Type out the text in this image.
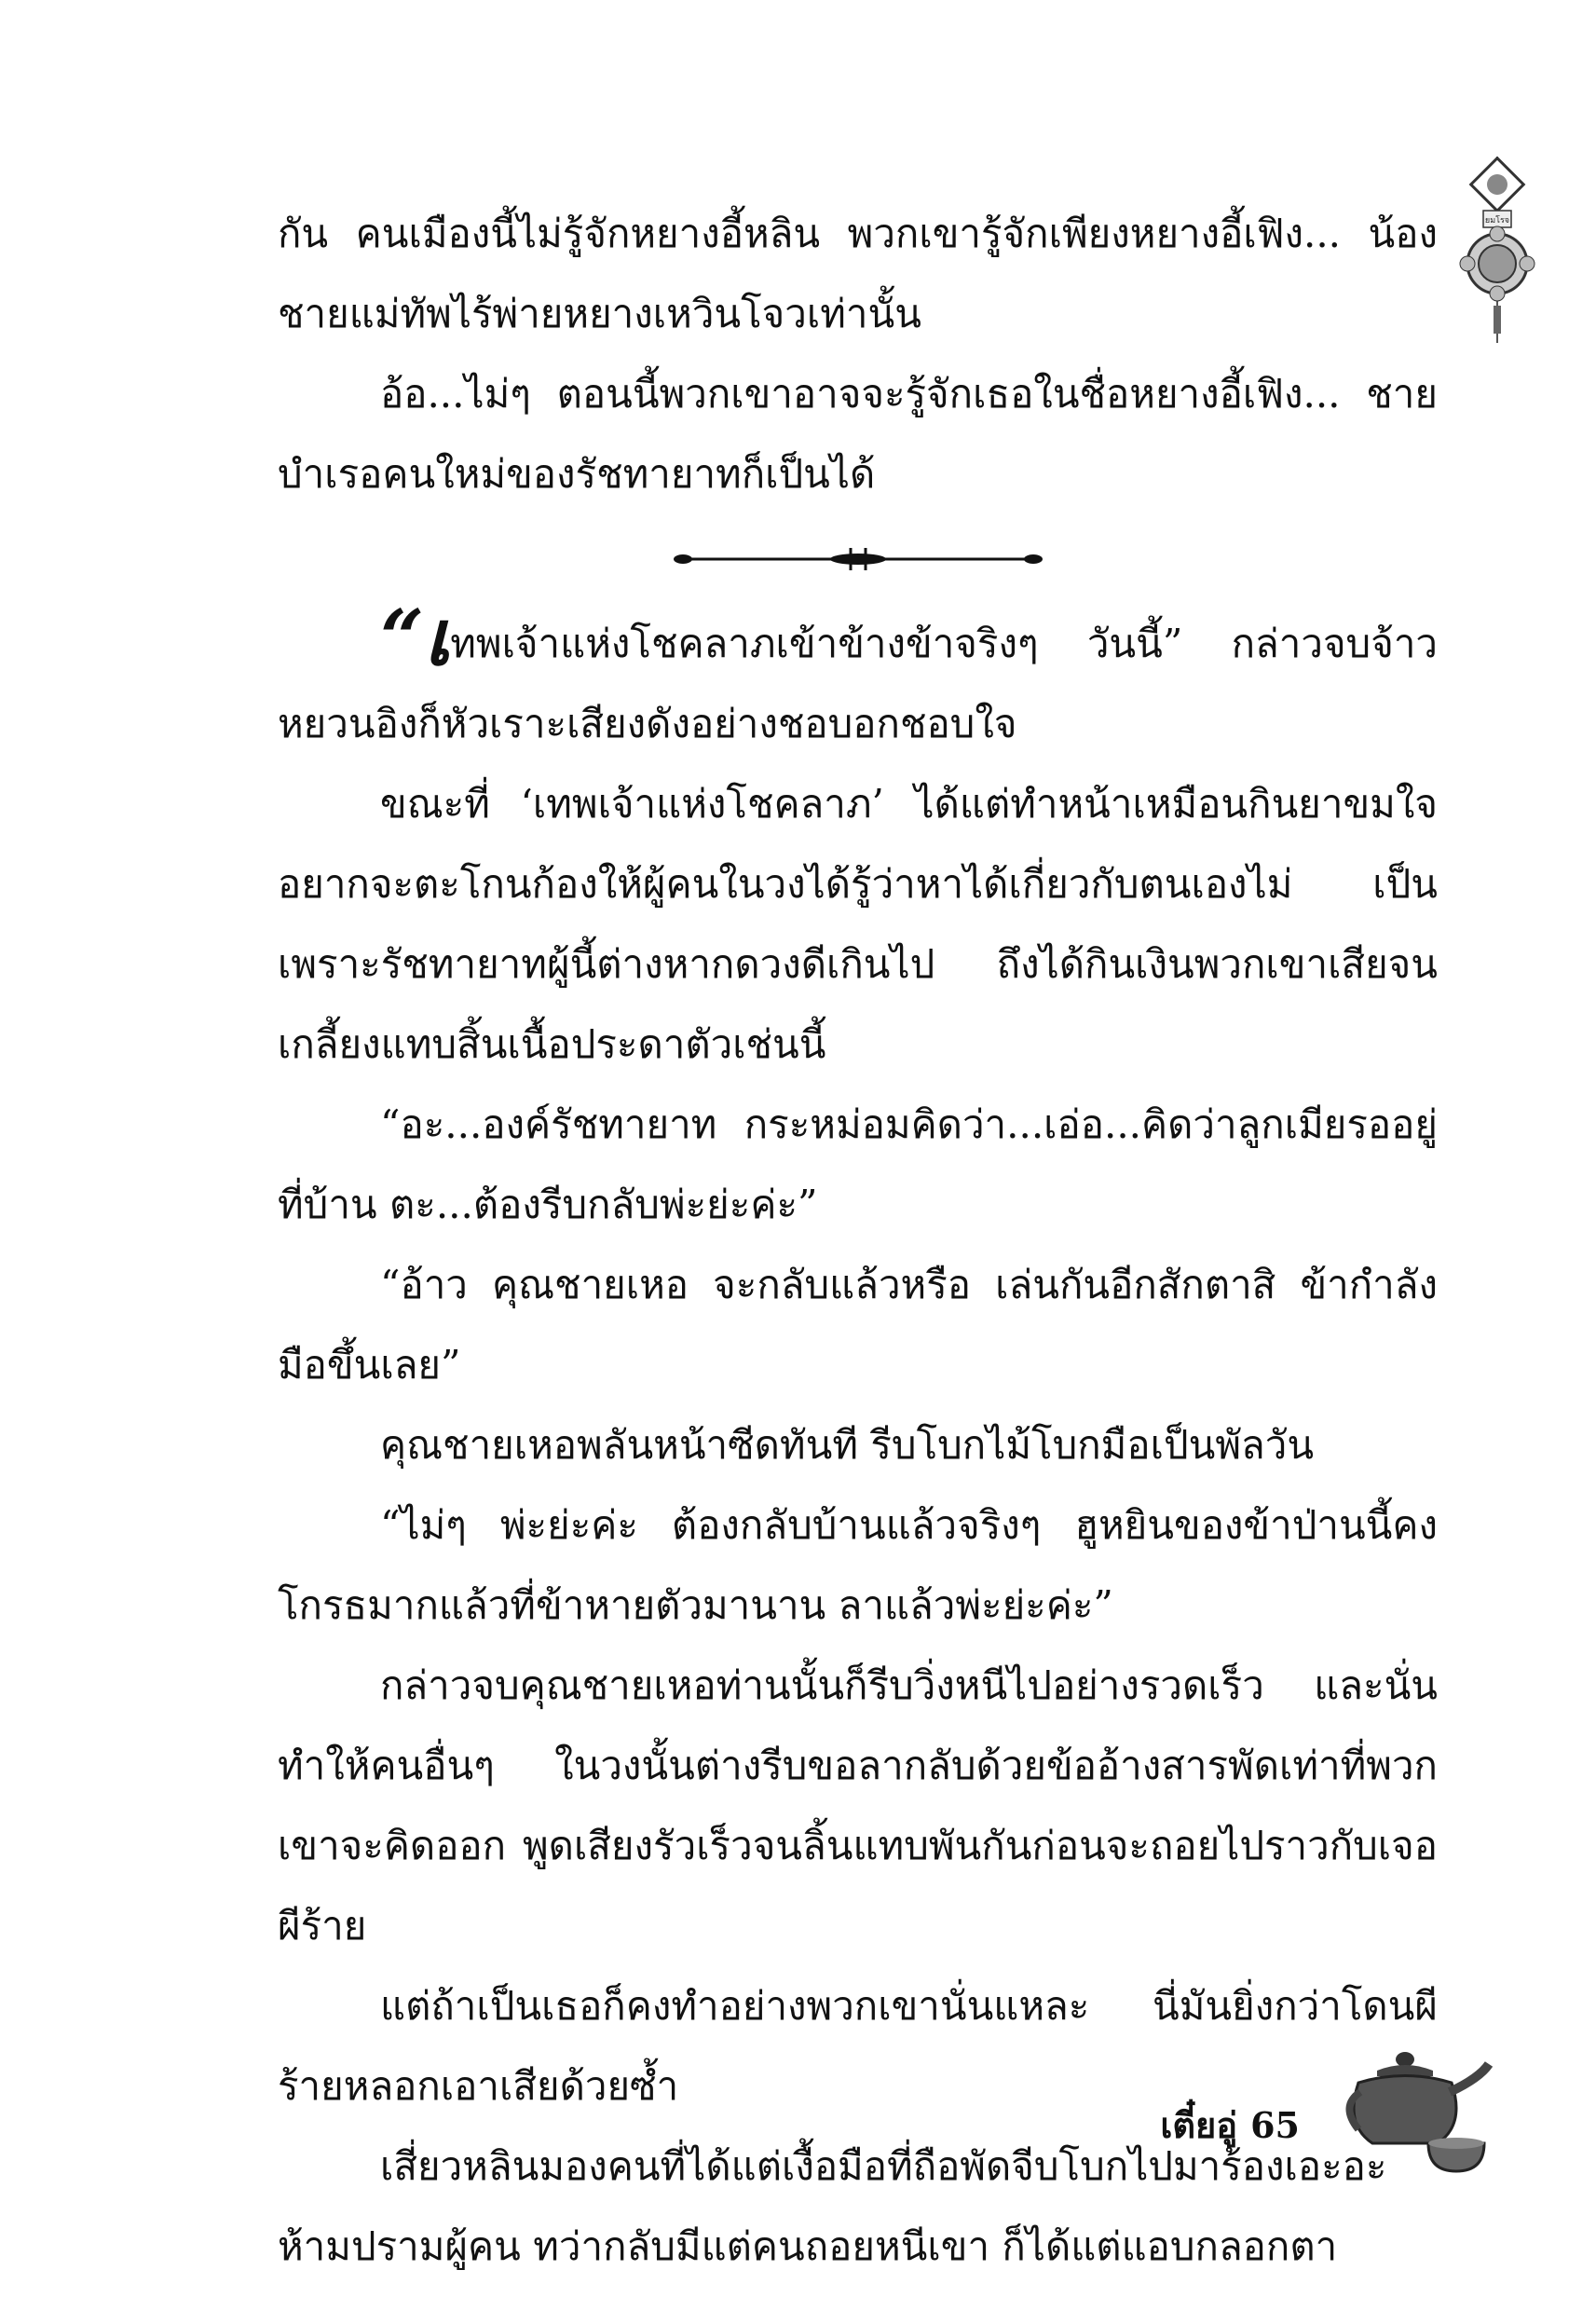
ยมโรจ

กัน คนเมืองนี้ไม่รู้จักหยางอี้หลิน พวกเขารู้จักเพียงหยางอี้เฟิง... น้องชายแม่ทัพไร้พ่ายหยางเหวินโจวเท่านั้น

อ้อ...ไม่ๆ ตอนนี้พวกเขาอาจจะรู้จักเธอในชื่อหยางอี้เฟิง... ชายบำเรอคนใหม่ของรัชทายาทก็เป็นได้

“เทพเจ้าแห่งโชคลาภเข้าข้างข้าจริงๆ วันนี้” กล่าวจบจ้าวหยวนอิงก็หัวเราะเสียงดังอย่างชอบอกชอบใจ

ขณะที่ ‘เทพเจ้าแห่งโชคลาภ’ ได้แต่ทำหน้าเหมือนกินยาขมใจอยากจะตะโกนก้องให้ผู้คนในวงได้รู้ว่าหาได้เกี่ยวกับตนเองไม่ เป็นเพราะรัชทายาทผู้นี้ต่างหากดวงดีเกินไป ถึงได้กินเงินพวกเขาเสียจนเกลี้ยงแทบสิ้นเนื้อประดาตัวเช่นนี้

“อะ...องค์รัชทายาท กระหม่อมคิดว่า...เอ่อ...คิดว่าลูกเมียรออยู่ที่บ้าน ตะ...ต้องรีบกลับพ่ะย่ะค่ะ”

“อ้าว คุณชายเหอ จะกลับแล้วหรือ เล่นกันอีกสักตาสิ ข้ากำลังมือขึ้นเลย”

คุณชายเหอพลันหน้าซีดทันที รีบโบกไม้โบกมือเป็นพัลวัน

“ไม่ๆ พ่ะย่ะค่ะ ต้องกลับบ้านแล้วจริงๆ ฮูหยินของข้าป่านนี้คงโกรธมากแล้วที่ข้าหายตัวมานาน ลาแล้วพ่ะย่ะค่ะ”

กล่าวจบคุณชายเหอท่านนั้นก็รีบวิ่งหนีไปอย่างรวดเร็ว และนั่นทำให้คนอื่นๆ ในวงนั้นต่างรีบขอลากลับด้วยข้ออ้างสารพัดเท่าที่พวกเขาจะคิดออก พูดเสียงรัวเร็วจนลิ้นแทบพันกันก่อนจะถอยไปราวกับเจอผีร้าย

แต่ถ้าเป็นเธอก็คงทำอย่างพวกเขานั่นแหละ นี่มันยิ่งกว่าโดนผีร้ายหลอกเอาเสียด้วยซ้ำ

เสี่ยวหลินมองคนที่ได้แต่เงื้อมือที่ถือพัดจีบโบกไปมาร้องเอะอะห้ามปรามผู้คน ทว่ากลับมีแต่คนถอยหนีเขา ก็ได้แต่แอบกลอกตา

เตี๋ยอู่ 65
